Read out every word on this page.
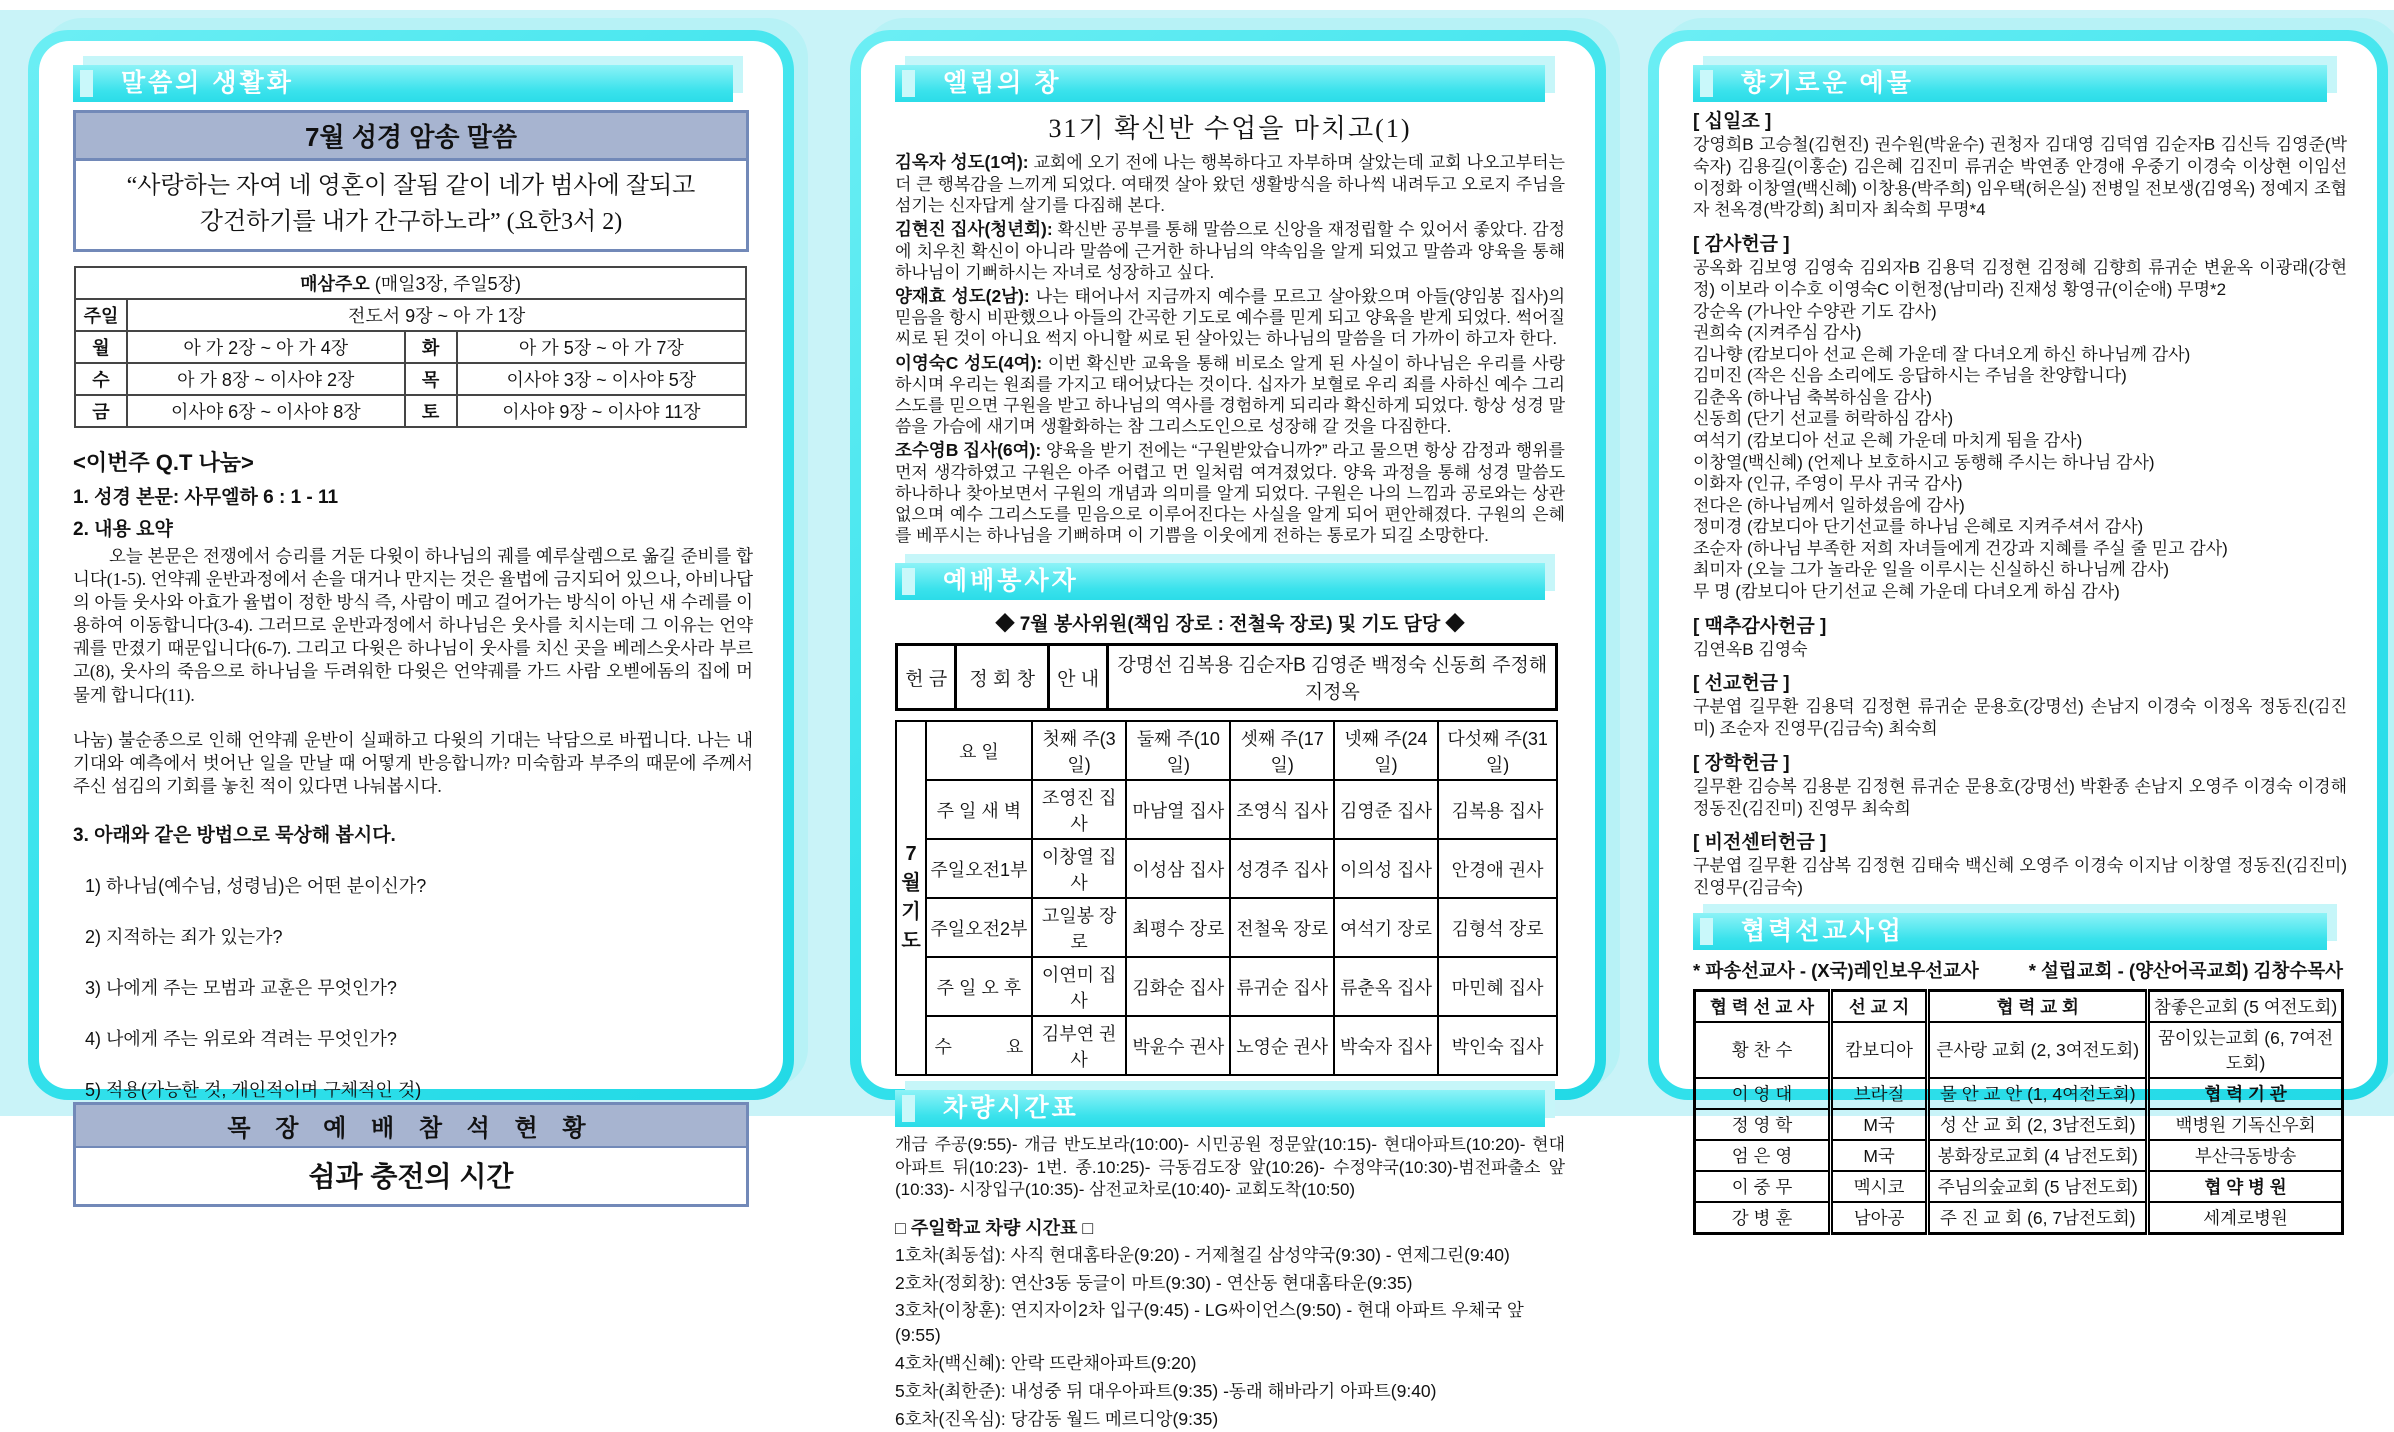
말씀의 생활화
7월 성경 암송 말씀
“사랑하는 자여 네 영혼이 잘됨 같이 네가 범사에 잘되고
강건하기를 내가 간구하노라” (요한3서 2)
매삼주오 (매일3장, 주일5장)			
주일	전도서 9장 ~ 아 가 1장		
월	아 가 2장 ~ 아 가 4장	화	아 가 5장 ~ 아 가 7장
수	아 가 8장 ~ 이사야 2장	목	이사야 3장 ~ 이사야 5장
금	이사야 6장 ~ 이사야 8장	토	이사야 9장 ~ 이사야 11장
<이번주 Q.T 나눔>
1. 성경 본문: 사무엘하 6 : 1 - 11
2. 내용 요약
오늘 본문은 전쟁에서 승리를 거둔 다윗이 하나님의 궤를 예루살렘으로 옮길 준비를 합니다(1-5). 언약궤 운반과정에서 손을 대거나 만지는 것은 율법에 금지되어 있으나, 아비나답의 아들 웃사와 아효가 율법이 정한 방식 즉, 사람이 메고 걸어가는 방식이 아닌 새 수레를 이용하여 이동합니다(3-4). 그러므로 운반과정에서 하나님은 웃사를 치시는데 그 이유는 언약궤를 만졌기 때문입니다(6-7). 그리고 다윗은 하나님이 웃사를 치신 곳을 베레스웃사라 부르고(8), 웃사의 죽음으로 하나님을 두려워한 다윗은 언약궤를 가드 사람 오벧에돔의 집에 머물게 합니다(11).
나눔) 불순종으로 인해 언약궤 운반이 실패하고 다윗의 기대는 낙담으로 바뀝니다. 나는 내 기대와 예측에서 벗어난 일을 만날 때 어떻게 반응합니까? 미숙함과 부주의 때문에 주께서 주신 섬김의 기회를 놓친 적이 있다면 나눠봅시다.
3. 아래와 같은 방법으로 묵상해 봅시다.
1) 하나님(예수님, 성령님)은 어떤 분이신가?
2) 지적하는 죄가 있는가?
3) 나에게 주는 모범과 교훈은 무엇인가?
4) 나에게 주는 위로와 격려는 무엇인가?
5) 적용(가능한 것, 개인적이며 구체적인 것)
목 장 예 배 참 석 현 황
쉼과 충전의 시간
엘림의 창
31기 확신반 수업을 마치고(1)

김옥자 성도(1여): 교회에 오기 전에 나는 행복하다고 자부하며 살았는데 교회 나오고부터는 더 큰 행복감을 느끼게 되었다. 여태껏 살아 왔던 생활방식을 하나씩 내려두고 오로지 주님을 섬기는 신자답게 살기를 다짐해 본다.

김현진 집사(청년회): 확신반 공부를 통해 말씀으로 신앙을 재정립할 수 있어서 좋았다. 감정에 치우친 확신이 아니라 말씀에 근거한 하나님의 약속임을 알게 되었고 말씀과 양육을 통해 하나님이 기뻐하시는 자녀로 성장하고 싶다.

양재효 성도(2남): 나는 태어나서 지금까지 예수를 모르고 살아왔으며 아들(양임봉 집사)의 믿음을 항시 비판했으나 아들의 간곡한 기도로 예수를 믿게 되고 양육을 받게 되었다. 썩어질 씨로 된 것이 아니요 썩지 아니할 씨로 된 살아있는 하나님의 말씀을 더 가까이 하고자 한다.

이영숙C 성도(4여): 이번 확신반 교육을 통해 비로소 알게 된 사실이 하나님은 우리를 사랑하시며 우리는 원죄를 가지고 태어났다는 것이다. 십자가 보혈로 우리 죄를 사하신 예수 그리스도를 믿으면 구원을 받고 하나님의 역사를 경험하게 되리라 확신하게 되었다. 항상 성경 말씀을 가슴에 새기며 생활화하는 참 그리스도인으로 성장해 갈 것을 다짐한다.

조수영B 집사(6여): 양육을 받기 전에는 “구원받았습니까?” 라고 물으면 항상 감정과 행위를 먼저 생각하였고 구원은 아주 어렵고 먼 일처럼 여겨졌었다. 양육 과정을 통해 성경 말씀도 하나하나 찾아보면서 구원의 개념과 의미를 알게 되었다. 구원은 나의 느낌과 공로와는 상관없으며 예수 그리스도를 믿음으로 이루어진다는 사실을 알게 되어 편안해졌다. 구원의 은혜를 베푸시는 하나님을 기뻐하며 이 기쁨을 이웃에게 전하는 통로가 되길 소망한다.

예배봉사자
◆ 7월 봉사위원(책임 장로 : 전철욱 장로) 및 기도 담당 ◆
헌 금	정 회 창	안 내	강명선 김복용 김순자B 김영준 백정숙 신동희 주정해 지정옥
7
월
기
도	요 일	첫째 주(3일)	둘째 주(10일)	셋째 주(17일)	넷째 주(24일)	다섯째 주(31일)
	주 일 새 벽	조영진 집사	마남열 집사	조영식 집사	김영준 집사	김복용 집사
	주일오전1부	이창열 집사	이성삼 집사	성경주 집사	이의성 집사	안경애 권사
	주일오전2부	고일봉 장로	최평수 장로	전철욱 장로	여석기 장로	김형석 장로
	주 일 오 후	이연미 집사	김화순 집사	류귀순 집사	류춘옥 집사	마민혜 집사
	수　　　요	김부연 권사	박윤수 권사	노영순 권사	박숙자 집사	박인숙 집사
차량시간표
개금 주공(9:55)- 개금 반도보라(10:00)- 시민공원 정문앞(10:15)- 현대아파트(10:20)- 현대아파트 뒤(10:23)- 1번. 종.10:25)- 극동검도장 앞(10:26)- 수정약국(10:30)-범전파출소 앞(10:33)- 시장입구(10:35)- 삼전교차로(10:40)- 교회도착(10:50)
□ 주일학교 차량 시간표 □
1호차(최동섭): 사직 현대홈타운(9:20) - 거제철길 삼성약국(9:30) - 연제그린(9:40)
2호차(정회창): 연산3동 둥글이 마트(9:30) - 연산동 현대홈타운(9:35)
3호차(이창훈): 연지자이2차 입구(9:45) - LG싸이언스(9:50) - 현대 아파트 우체국 앞(9:55)
4호차(백신혜): 안락 뜨란채아파트(9:20)
5호차(최한준): 내성중 뒤 대우아파트(9:35) -동래 해바라기 아파트(9:40)
6호차(진옥심): 당감동 월드 메르디앙(9:35)
향기로운 예물
[ 십일조 ]
강영희B 고승철(김현진) 권수원(박윤수) 권청자 김대영 김덕염 김순자B 김신득 김영준(박숙자) 김용길(이홍순) 김은혜 김진미 류귀순 박연종 안경애 우중기 이경숙 이상현 이임선 이정화 이창열(백신혜) 이창용(박주희) 임우택(허은실) 전병일 전보생(김영옥) 정예지 조협자 천옥경(박강희) 최미자 최숙희 무명*4
[ 감사헌금 ]
공옥화 김보영 김영숙 김외자B 김용덕 김정현 김정혜 김향희 류귀순 변윤옥 이광래(강현정) 이보라 이수호 이영숙C 이헌정(남미라) 진재성 황영규(이순애) 무명*2
강순옥 (가나안 수양관 기도 감사)
권희숙 (지켜주심 감사)
김나향 (캄보디아 선교 은혜 가운데 잘 다녀오게 하신 하나님께 감사)
김미진 (작은 신음 소리에도 응답하시는 주님을 찬양합니다)
김춘옥 (하나님 축복하심을 감사)
신동희 (단기 선교를 허락하심 감사)
여석기 (캄보디아 선교 은혜 가운데 마치게 됨을 감사)
이창열(백신혜) (언제나 보호하시고 동행해 주시는 하나님 감사)
이화자 (인규, 주영이 무사 귀국 감사)
전다은 (하나님께서 일하셨음에 감사)
정미경 (캄보디아 단기선교를 하나님 은혜로 지켜주셔서 감사)
조순자 (하나님 부족한 저희 자녀들에게 건강과 지혜를 주실 줄 믿고 감사)
최미자 (오늘 그가 놀라운 일을 이루시는 신실하신 하나님께 감사)
무 명 (캄보디아 단기선교 은혜 가운데 다녀오게 하심 감사)
[ 맥추감사헌금 ]
김연옥B 김영숙
[ 선교헌금 ]
구분엽 길무환 김용덕 김정현 류귀순 문용호(강명선) 손남지 이경숙 이정옥 정동진(김진미) 조순자 진영무(김금숙) 최숙희
[ 장학헌금 ]
길무환 김승복 김용분 김정현 류귀순 문용호(강명선) 박환종 손남지 오영주 이경숙 이경해 정동진(김진미) 진영무 최숙희
[ 비전센터헌금 ]
구분엽 길무환 김삼복 김정현 김태숙 백신혜 오영주 이경숙 이지남 이창열 정동진(김진미) 진영무(김금숙)
협력선교사업
* 파송선교사 - (X국)레인보우선교사	* 설립교회 - (양산어곡교회) 김창수목사
협 력 선 교 사	선 교 지	협 력 교 회	참좋은교회 (5 여전도회)
황 찬 수	캄보디아	큰사랑 교회 (2, 3여전도회)	꿈이있는교회 (6, 7여전도회)
이 영 대	브라질	물 안 교 안 (1, 4여전도회)	협 력 기 관
정 영 학	M국	성 산 교 회 (2, 3남전도회)	백병원 기독신우회
엄 은 영	M국	봉화장로교회 (4 남전도회)	부산극동방송
이 중 무	멕시코	주님의숲교회 (5 남전도회)	협 약 병 원
강 병 훈	남아공	주 진 교 회 (6, 7남전도회)	세계로병원
